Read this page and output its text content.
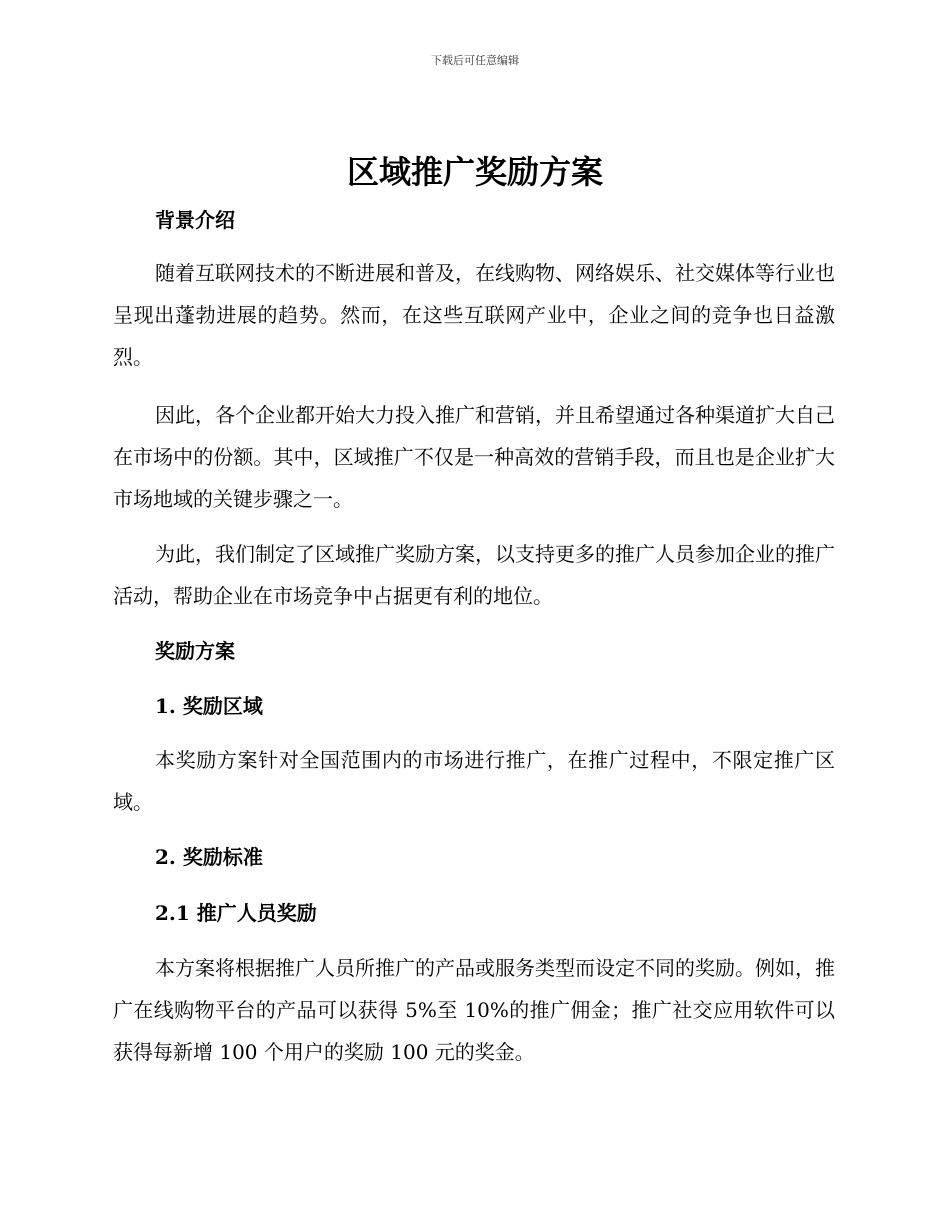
下载后可任意编辑
区域推广奖励方案
背景介绍

随着互联网技术的不断进展和普及，在线购物、网络娱乐、社交媒体等行业也呈现出蓬勃进展的趋势。然而，在这些互联网产业中，企业之间的竞争也日益激烈。

因此，各个企业都开始大力投入推广和营销，并且希望通过各种渠道扩大自己在市场中的份额。其中，区域推广不仅是一种高效的营销手段，而且也是企业扩大市场地域的关键步骤之一。

为此，我们制定了区域推广奖励方案，以支持更多的推广人员参加企业的推广活动，帮助企业在市场竞争中占据更有利的地位。

奖励方案
1. 奖励区域

本奖励方案针对全国范围内的市场进行推广，在推广过程中，不限定推广区域。

2. 奖励标准
2.1 推广人员奖励

本方案将根据推广人员所推广的产品或服务类型而设定不同的奖励。例如，推广在线购物平台的产品可以获得 5%至 10%的推广佣金；推广社交应用软件可以获得每新增 100 个用户的奖励 100 元的奖金。
